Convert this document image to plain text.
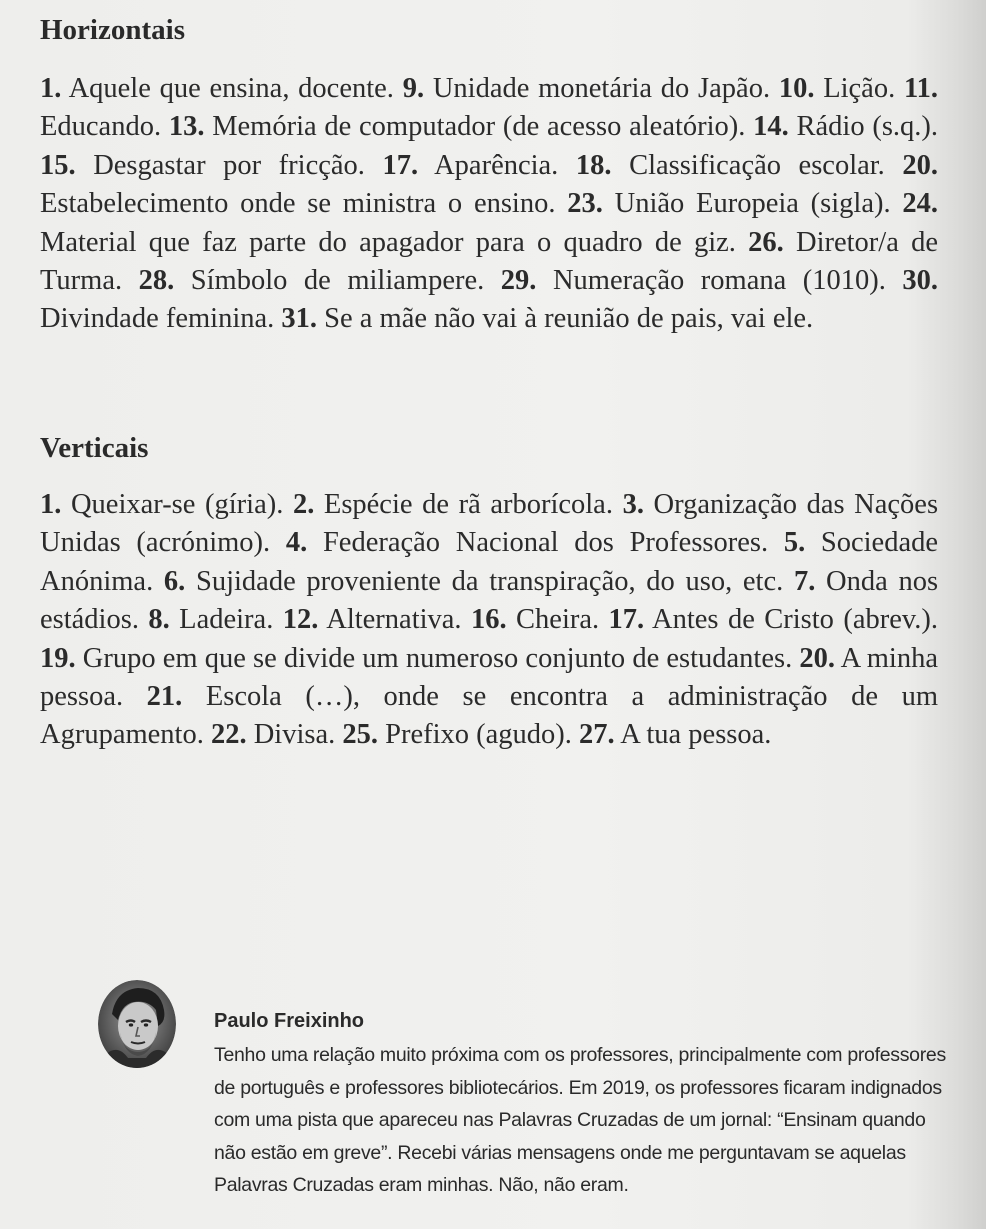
Horizontais

1. Aquele que ensina, docente. 9. Unidade monetária do Japão. 10. Lição. 11. Educando. 13. Memória de computador (de acesso aleatório). 14. Rádio (s.q.). 15. Desgastar por fricção. 17. Aparência. 18. Classificação escolar. 20. Estabelecimento onde se ministra o ensino. 23. União Europeia (sigla). 24. Material que faz parte do apagador para o quadro de giz. 26. Diretor/a de Turma. 28. Símbolo de miliampere. 29. Numeração romana (1010). 30. Divindade feminina. 31. Se a mãe não vai à reunião de pais, vai ele.

Verticais

1. Queixar-se (gíria). 2. Espécie de rã arborícola. 3. Organização das Nações Unidas (acrónimo). 4. Federação Nacional dos Professores. 5. Sociedade Anónima. 6. Sujidade proveniente da transpiração, do uso, etc. 7. Onda nos estádios. 8. Ladeira. 12. Alternativa. 16. Cheira. 17. Antes de Cristo (abrev.). 19. Grupo em que se divide um numeroso conjunto de estudantes. 20. A minha pessoa. 21. Escola (…), onde se encontra a administração de um Agrupamento. 22. Divisa. 25. Prefixo (agudo). 27. A tua pessoa.

Paulo Freixinho

Tenho uma relação muito próxima com os professores, principalmente com professores de português e professores bibliotecários. Em 2019, os professores ficaram indignados com uma pista que apareceu nas Palavras Cruzadas de um jornal: “Ensinam quando não estão em greve”. Recebi várias mensagens onde me perguntavam se aquelas Palavras Cruzadas eram minhas. Não, não eram.
